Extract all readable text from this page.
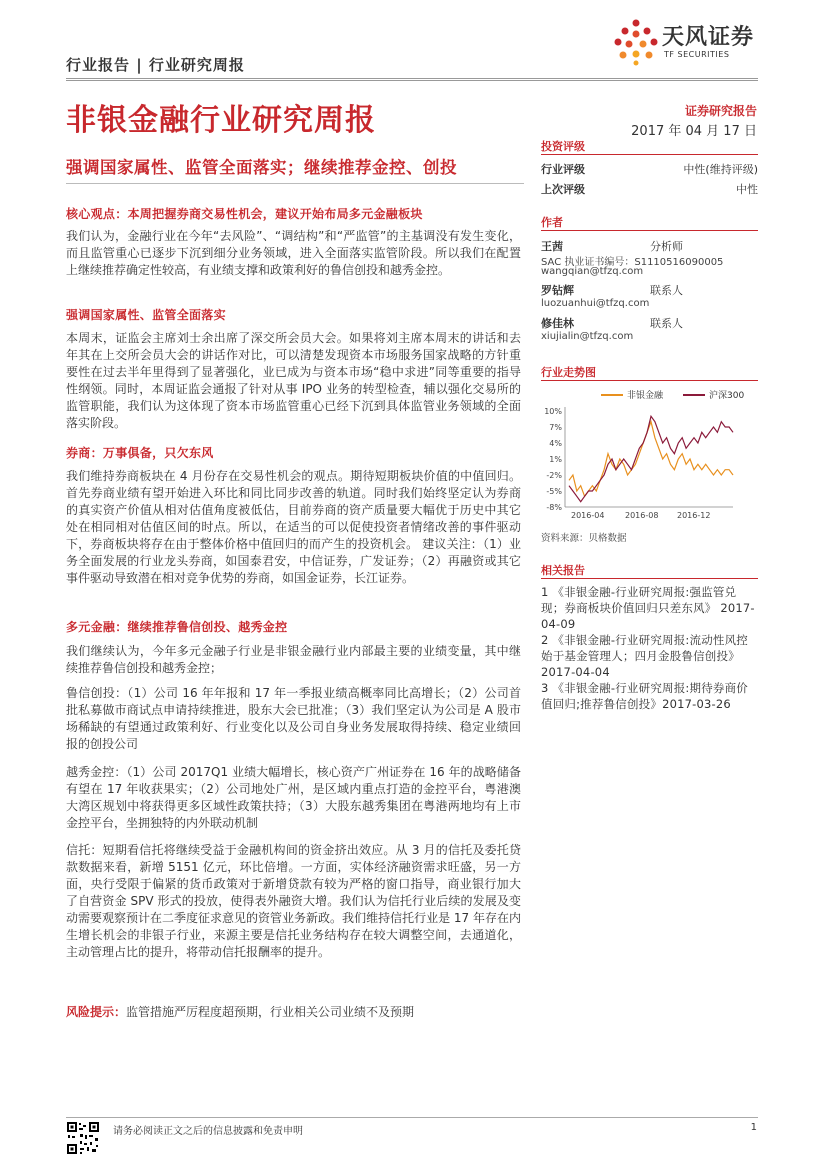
行业报告 | 行业研究周报
天风证券
TF SECURITIES
非银金融行业研究周报	证券研究报告
2017 年 04 月 17 日
强调国家属性、监管全面落实；继续推荐金控、创投
核心观点：本周把握券商交易性机会，建议开始布局多元金融板块
我们认为，金融行业在今年“去风险”、“调结构”和“严监管”的主基调没有发生变化，而且监管重心已逐步下沉到细分业务领域，进入全面落实监管阶段。所以我们在配置上继续推荐确定性较高，有业绩支撑和政策利好的鲁信创投和越秀金控。
强调国家属性、监管全面落实
本周末，证监会主席刘士余出席了深交所会员大会。如果将刘主席本周末的讲话和去年其在上交所会员大会的讲话作对比，可以清楚发现资本市场服务国家战略的方针重要性在过去半年里得到了显著强化，业已成为与资本市场“稳中求进”同等重要的指导性纲领。同时，本周证监会通报了针对从事 IPO 业务的转型检查，辅以强化交易所的监管职能，我们认为这体现了资本市场监管重心已经下沉到具体监管业务领域的全面落实阶段。
券商：万事俱备，只欠东风
我们维持券商板块在 4 月份存在交易性机会的观点。期待短期板块价值的中值回归。首先券商业绩有望开始进入环比和同比同步改善的轨道。同时我们始终坚定认为券商的真实资产价值从相对估值角度被低估，目前券商的资产质量要大幅优于历史中其它处在相同相对估值区间的时点。所以，在适当的可以促使投资者情绪改善的事件驱动下，券商板块将存在由于整体价格中值回归的而产生的投资机会。 建议关注：（1）业务全面发展的行业龙头券商，如国泰君安，中信证券，广发证券；（2）再融资或其它事件驱动导致潜在相对竞争优势的券商，如国金证券，长江证券。
多元金融：继续推荐鲁信创投、越秀金控
我们继续认为，今年多元金融子行业是非银金融行业内部最主要的业绩变量，其中继续推荐鲁信创投和越秀金控；
鲁信创投：（1）公司 16 年年报和 17 年一季报业绩高概率同比高增长；（2）公司首批私募做市商试点申请持续推进，股东大会已批准；（3）我们坚定认为公司是 A 股市场稀缺的有望通过政策利好、行业变化以及公司自身业务发展取得持续、稳定业绩回报的创投公司
越秀金控：（1）公司 2017Q1 业绩大幅增长，核心资产广州证券在 16 年的战略储备有望在 17 年收获果实；（2）公司地处广州，是区域内重点打造的金控平台，粤港澳大湾区规划中将获得更多区域性政策扶持；（3）大股东越秀集团在粤港两地均有上市金控平台，坐拥独特的内外联动机制
信托：短期看信托将继续受益于金融机构间的资金挤出效应。从 3 月的信托及委托贷款数据来看，新增 5151 亿元，环比倍增。一方面，实体经济融资需求旺盛，另一方面，央行受限于偏紧的货币政策对于新增贷款有较为严格的窗口指导，商业银行加大了自营资金 SPV 形式的投放，使得表外融资大增。我们认为信托行业后续的发展及变动需要观察预计在二季度征求意见的资管业务新政。我们维持信托行业是 17 年存在内生增长机会的非银子行业，来源主要是信托业务结构存在较大调整空间，去通道化，主动管理占比的提升，将带动信托报酬率的提升。
风险提示：监管措施严厉程度超预期，行业相关公司业绩不及预期
投资评级
行业评级	中性(维持评级)
上次评级	中性
作者
王茜	分析师
SAC 执业证书编号：S1110516090005
wangqian@tfzq.com
罗钻辉	联系人
luozuanhui@tfzq.com
修佳林	联系人
xiujialin@tfzq.com
行业走势图
非银金融	沪深300
10%
7%
4%
1%
-2%
-5%
-8%
2016-04	2016-08 2016-12
资料来源：贝格数据
相关报告
1 《非银金融-行业研究周报:强监管兑现；券商板块价值回归只差东风》 2017-04-09
2 《非银金融-行业研究周报:流动性风控始于基金管理人；四月金股鲁信创投》 2017-04-04
3 《非银金融-行业研究周报:期待券商价值回归;推荐鲁信创投》2017-03-26
请务必阅读正文之后的信息披露和免责申明	1
